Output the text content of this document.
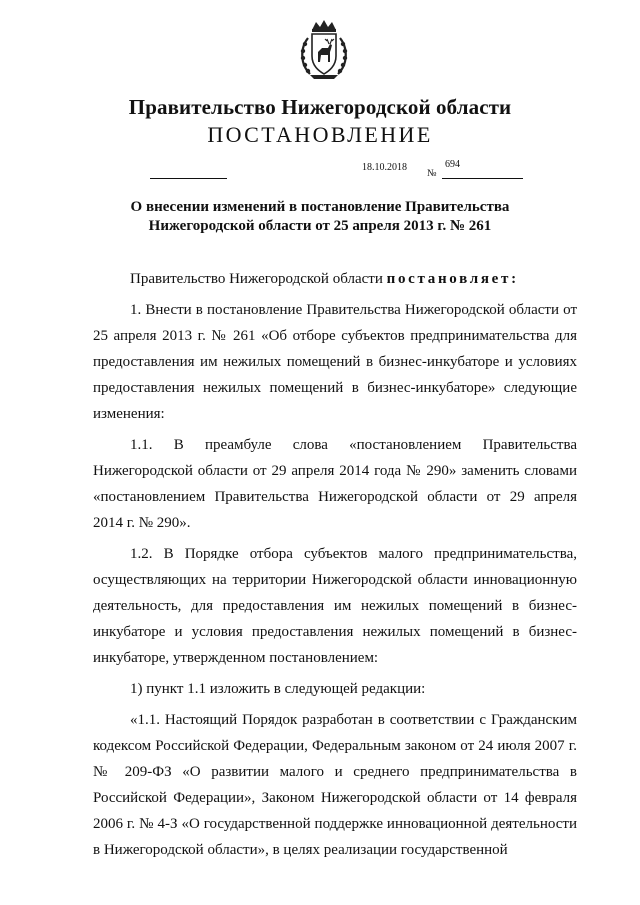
Правительство Нижегородской области
ПОСТАНОВЛЕНИЕ
18.10.2018
№
694
О внесении изменений в постановление Правительства
Нижегородской области от 25 апреля 2013 г. № 261

Правительство Нижегородской области постановляет:

1. Внести в постановление Правительства Нижегородской области от 25 апреля 2013 г. № 261 «Об отборе субъектов предпринимательства для предоставления им нежилых помещений в бизнес-инкубаторе и условиях предоставления нежилых помещений в бизнес-инкубаторе» следующие изменения:

1.1. В преамбуле слова «постановлением Правительства Нижегородской области от 29 апреля 2014 года № 290» заменить словами «постановлением Правительства Нижегородской области от 29 апреля 2014 г. № 290».

1.2. В Порядке отбора субъектов малого предпринимательства, осуществляющих на территории Нижегородской области инновационную деятельность, для предоставления им нежилых помещений в бизнес-инкубаторе и условия предоставления нежилых помещений в бизнес-инкубаторе, утвержденном постановлением:

1) пункт 1.1 изложить в следующей редакции:

«1.1. Настоящий Порядок разработан в соответствии с Гражданским кодексом Российской Федерации, Федеральным законом от 24 июля 2007 г. № 209-ФЗ «О развитии малого и среднего предпринимательства в Российской Федерации», Законом Нижегородской области от 14 февраля 2006 г. № 4-З «О государственной поддержке инновационной деятельности в Нижегородской области», в целях реализации государственной
